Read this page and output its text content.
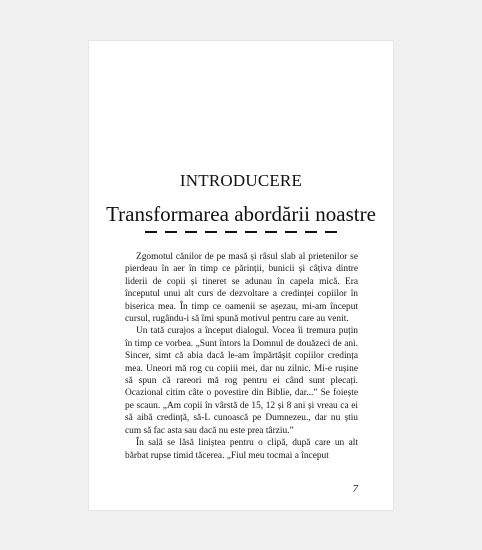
INTRODUCERE
Transformarea abordării noastre

Zgomotul cănilor de pe masă și râsul slab al prietenilor se pierdeau în aer în timp ce părinții, bunicii și câțiva dintre liderii de copii și tineret se adunau în capela mică. Era începutul unui alt curs de dezvoltare a credinței copiilor în biserica mea. În timp ce oamenii se așezau, mi-am început cursul, rugându-i să îmi spună motivul pentru care au venit.

Un tată curajos a început dialogul. Vocea îi tremura puțin în timp ce vorbea. „Sunt întors la Domnul de douăzeci de ani. Sincer, simt că abia dacă le-am împărtășit copiilor credința mea. Uneori mă rog cu copiii mei, dar nu zilnic. Mi-e rușine să spun că rareori mă rog pentru ei când sunt plecați. Ocazional citim câte o povestire din Biblie, dar...” Se foiește pe scaun. „Am copii în vârstă de 15, 12 și 8 ani și vreau ca ei să aibă credință, să-L cunoască pe Dumnezeu., dar nu știu cum să fac asta sau dacă nu este prea târziu.”

În sală se lăsă liniștea pentru o clipă, după care un alt bărbat rupse timid tăcerea. „Fiul meu tocmai a început

7
